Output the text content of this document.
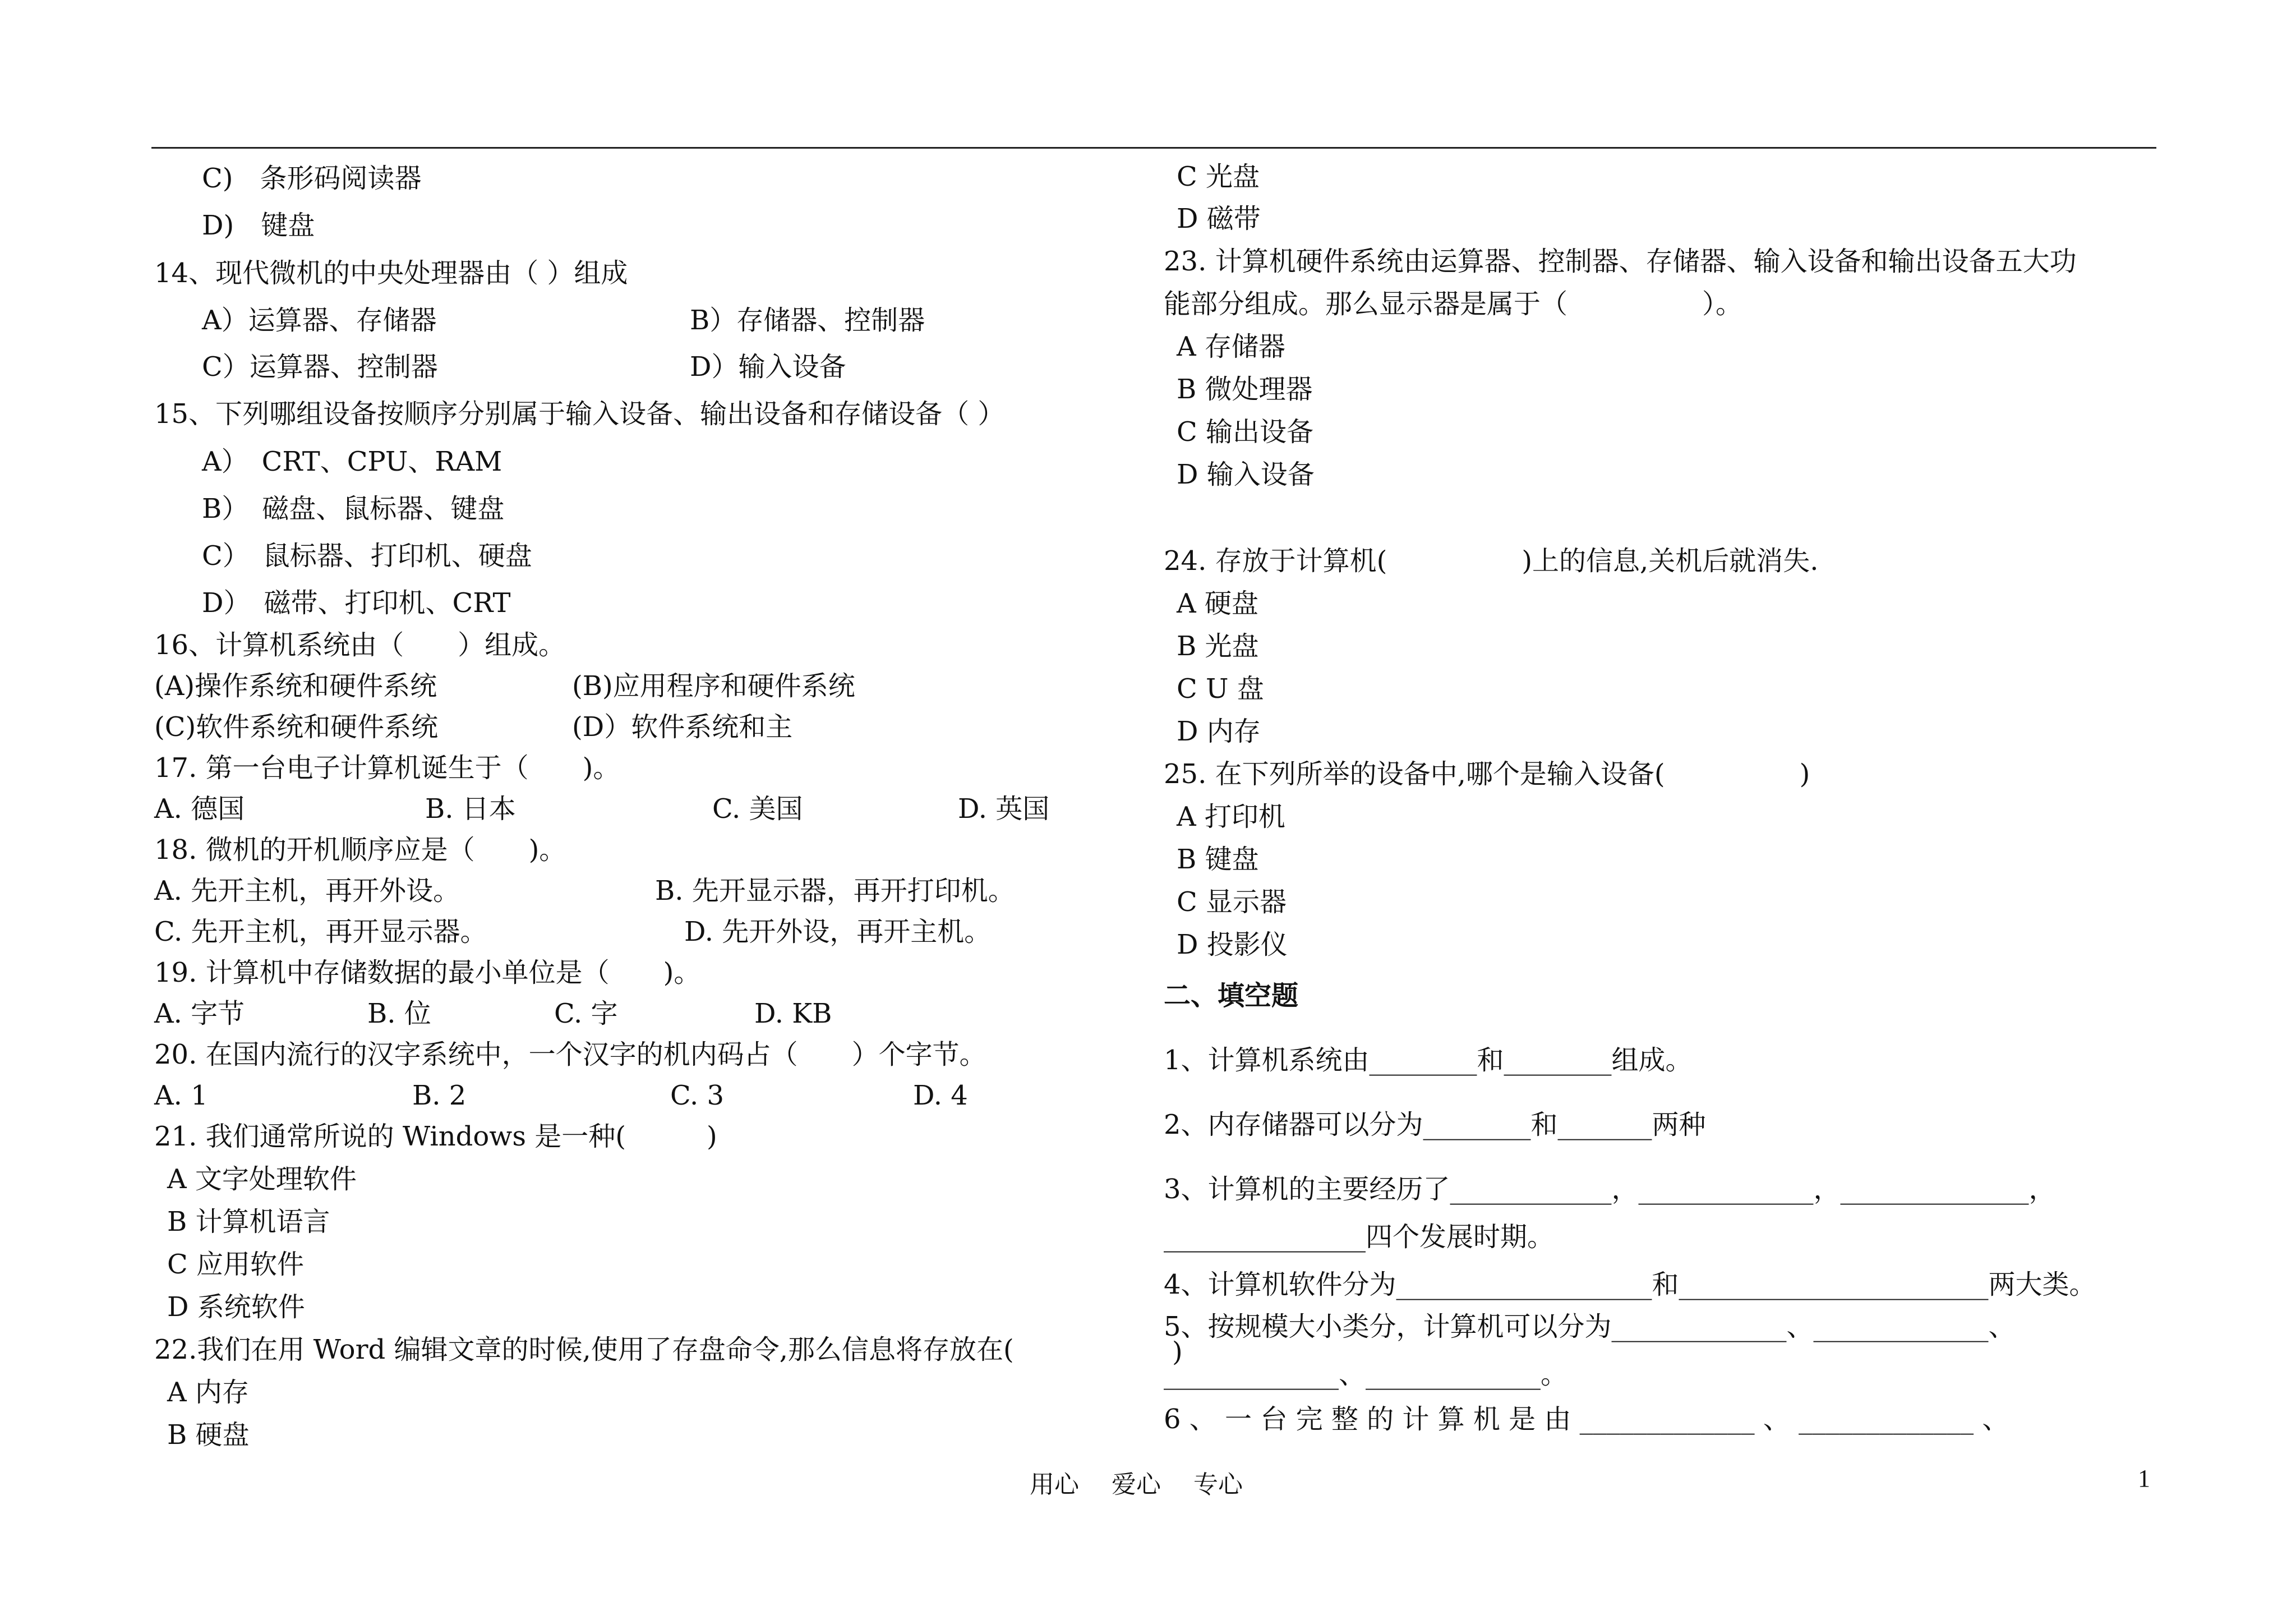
C)　条形码阅读器
D)　键盘
14、现代微机的中央处理器由（ ）组成
A）运算器、存储器	B）存储器、控制器
C）运算器、控制器	D）输入设备
15、下列哪组设备按顺序分别属于输入设备、输出设备和存储设备（ ）
A）　CRT、CPU、RAM
B）　磁盘、鼠标器、键盘
C）　鼠标器、打印机、硬盘
D）　磁带、打印机、CRT
16、计算机系统由（　　）组成。
(A)操作系统和硬件系统	(B)应用程序和硬件系统
(C)软件系统和硬件系统	(D）软件系统和主
17. 第一台电子计算机诞生于（　　)。
A. 德国	B. 日本	C. 美国	D. 英国
18. 微机的开机顺序应是（　　)。
A. 先开主机，再开外设。	B. 先开显示器，再开打印机。
C. 先开主机，再开显示器。	D. 先开外设，再开主机。
19. 计算机中存储数据的最小单位是（　　)。
A. 字节	B. 位	C. 字	D. KB
20. 在国内流行的汉字系统中，一个汉字的机内码占（　　）个字节。
A. 1	B. 2	C. 3	D. 4
21. 我们通常所说的 Windows 是一种(　　　)
A 文字处理软件
B 计算机语言
C 应用软件
D 系统软件
22.我们在用 Word 编辑文章的时候,使用了存盘命令,那么信息将存放在(
A 内存
B 硬盘
C 光盘
D 磁带
23. 计算机硬件系统由运算器、控制器、存储器、输入设备和输出设备五大功
能部分组成。那么显示器是属于（　　　　　）。
A 存储器
B 微处理器
C 输出设备
D 输入设备
24. 存放于计算机(　　　　　)上的信息,关机后就消失.
A 硬盘
B 光盘
C U 盘
D 内存
25. 在下列所举的设备中,哪个是输入设备(　　　　　)
A 打印机
B 键盘
C 显示器
D 投影仪
二、填空题
1、计算机系统由________和________组成。
2、内存储器可以分为________和_______两种
3、计算机的主要经历了____________，_____________，______________，
_______________四个发展时期。
4、计算机软件分为___________________和_______________________两大类。
5、按规模大小类分，计算机可以分为_____________、_____________、
)
_____________、_____________。
6 、 一 台 完 整 的 计 算 机 是 由 _____________ 、 _____________ 、
用心　 爱心　 专心	1
